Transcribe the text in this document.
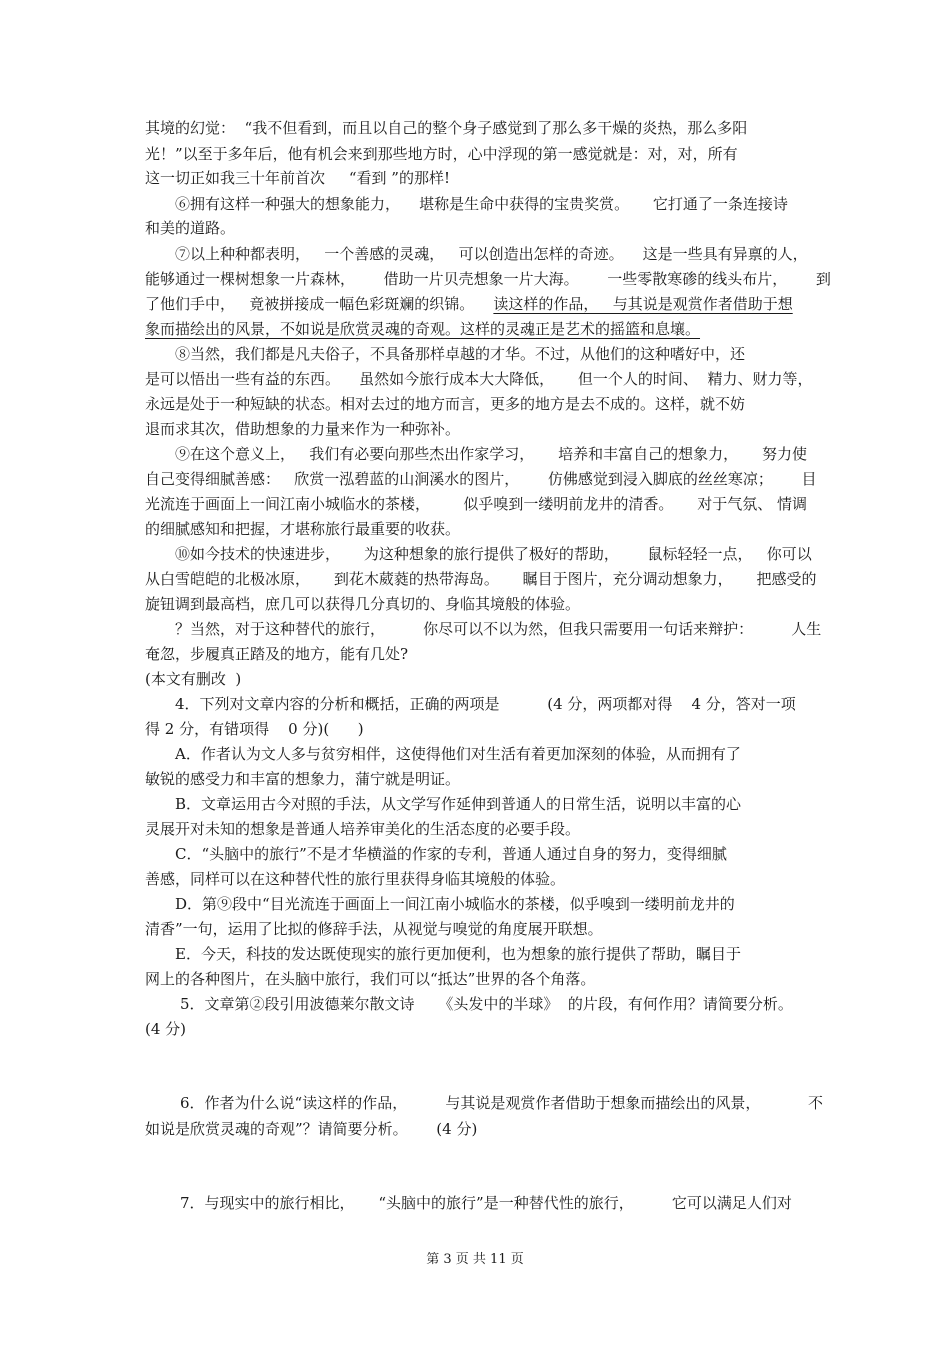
其境的幻觉：  “我不但看到，而且以自己的整个身子感觉到了那么多干燥的炎热，那么多阳
光！”以至于多年后，他有机会来到那些地方时，心中浮现的第一感觉就是：对，对，所有
这一切正如我三十年前首次     “看到 ”的那样!
⑥拥有这样一种强大的想象能力，    堪称是生命中获得的宝贵奖赏。     它打通了一条连接诗
和美的道路。
⑦以上种种都表明，   一个善感的灵魂，   可以创造出怎样的奇迹。    这是一些具有异禀的人，
能够通过一棵树想象一片森林，      借助一片贝壳想象一片大海。      一些零散寒碜的线头布片，      到
了他们手中，   竟被拼接成一幅色彩斑斓的织锦。    读这样的作品，   与其说是观赏作者借助于想
象而描绘出的风景，不如说是欣赏灵魂的奇观。这样的灵魂正是艺术的摇篮和息壤。
⑧当然，我们都是凡夫俗子，不具备那样卓越的才华。不过，从他们的这种嗜好中，还
是可以悟出一些有益的东西。    虽然如今旅行成本大大降低，     但一个人的时间、  精力、财力等，
永远是处于一种短缺的状态。相对去过的地方而言，更多的地方是去不成的。这样，就不妨
退而求其次，借助想象的力量来作为一种弥补。
⑨在这个意义上，   我们有必要向那些杰出作家学习，     培养和丰富自己的想象力，     努力使
自己变得细腻善感：   欣赏一泓碧蓝的山涧溪水的图片，      仿佛感觉到浸入脚底的丝丝寒凉；      目
光流连于画面上一间江南小城临水的茶楼，       似乎嗅到一缕明前龙井的清香。     对于气氛、 情调
的细腻感知和把握，才堪称旅行最重要的收获。
⑩如今技术的快速进步，     为这种想象的旅行提供了极好的帮助，      鼠标轻轻一点，   你可以
从白雪皑皑的北极冰原，     到花木葳蕤的热带海岛。     瞩目于图片，充分调动想象力，     把感受的
旋钮调到最高档，庶几可以获得几分真切的、身临其境般的体验。
？当然，对于这种替代的旅行，        你尽可以不以为然，但我只需要用一句话来辩护：        人生
奄忽，步履真正踏及的地方，能有几处?
(本文有删改  )
4．下列对文章内容的分析和概括，正确的两项是          (4 分，两项都对得    4 分，答对一项
得 2 分，有错项得    0 分)(      )
A．作者认为文人多与贫穷相伴，这使得他们对生活有着更加深刻的体验，从而拥有了
敏锐的感受力和丰富的想象力，蒲宁就是明证。
B．文章运用古今对照的手法，从文学写作延伸到普通人的日常生活，说明以丰富的心
灵展开对未知的想象是普通人培养审美化的生活态度的必要手段。
C．“头脑中的旅行”不是才华横溢的作家的专利，普通人通过自身的努力，变得细腻
善感，同样可以在这种替代性的旅行里获得身临其境般的体验。
D．第⑨段中“目光流连于画面上一间江南小城临水的茶楼，似乎嗅到一缕明前龙井的
清香”一句，运用了比拟的修辞手法，从视觉与嗅觉的角度展开联想。
E．今天，科技的发达既使现实的旅行更加便利，也为想象的旅行提供了帮助，瞩目于
网上的各种图片，在头脑中旅行，我们可以“抵达”世界的各个角落。
5．文章第②段引用波德莱尔散文诗     《头发中的半球》  的片段，有何作用？请简要分析。
(4 分)
6．作者为什么说“读这样的作品，        与其说是观赏作者借助于想象而描绘出的风景，          不
如说是欣赏灵魂的奇观”？请简要分析。      (4 分)
7．与现实中的旅行相比，     “头脑中的旅行”是一种替代性的旅行，        它可以满足人们对
第 3 页 共 11 页
